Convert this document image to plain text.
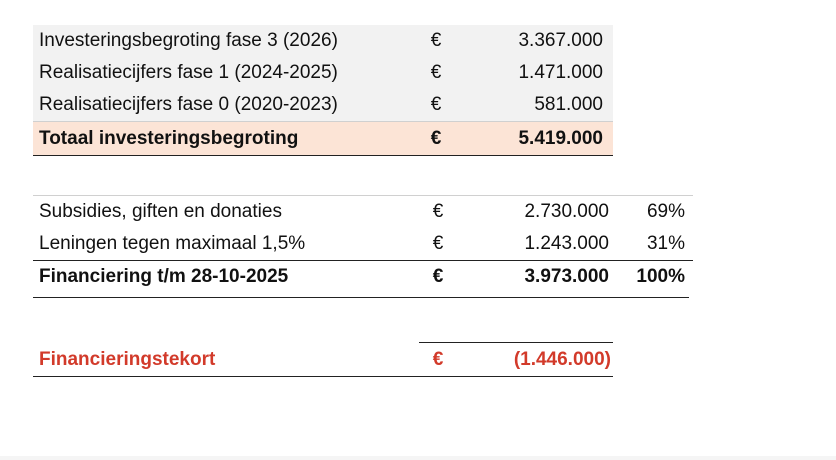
Investeringsbegroting fase 3 (2026)	€	3.367.000
Realisatiecijfers fase 1 (2024-2025)	€	1.471.000
Realisatiecijfers fase 0 (2020-2023)	€	581.000
Totaal investeringsbegroting	€	5.419.000
Subsidies, giften en donaties	€	2.730.000	69%
Leningen tegen maximaal 1,5%	€	1.243.000	31%
Financiering t/m 28-10-2025	€	3.973.000	100%
Financieringstekort	€	(1.446.000)
